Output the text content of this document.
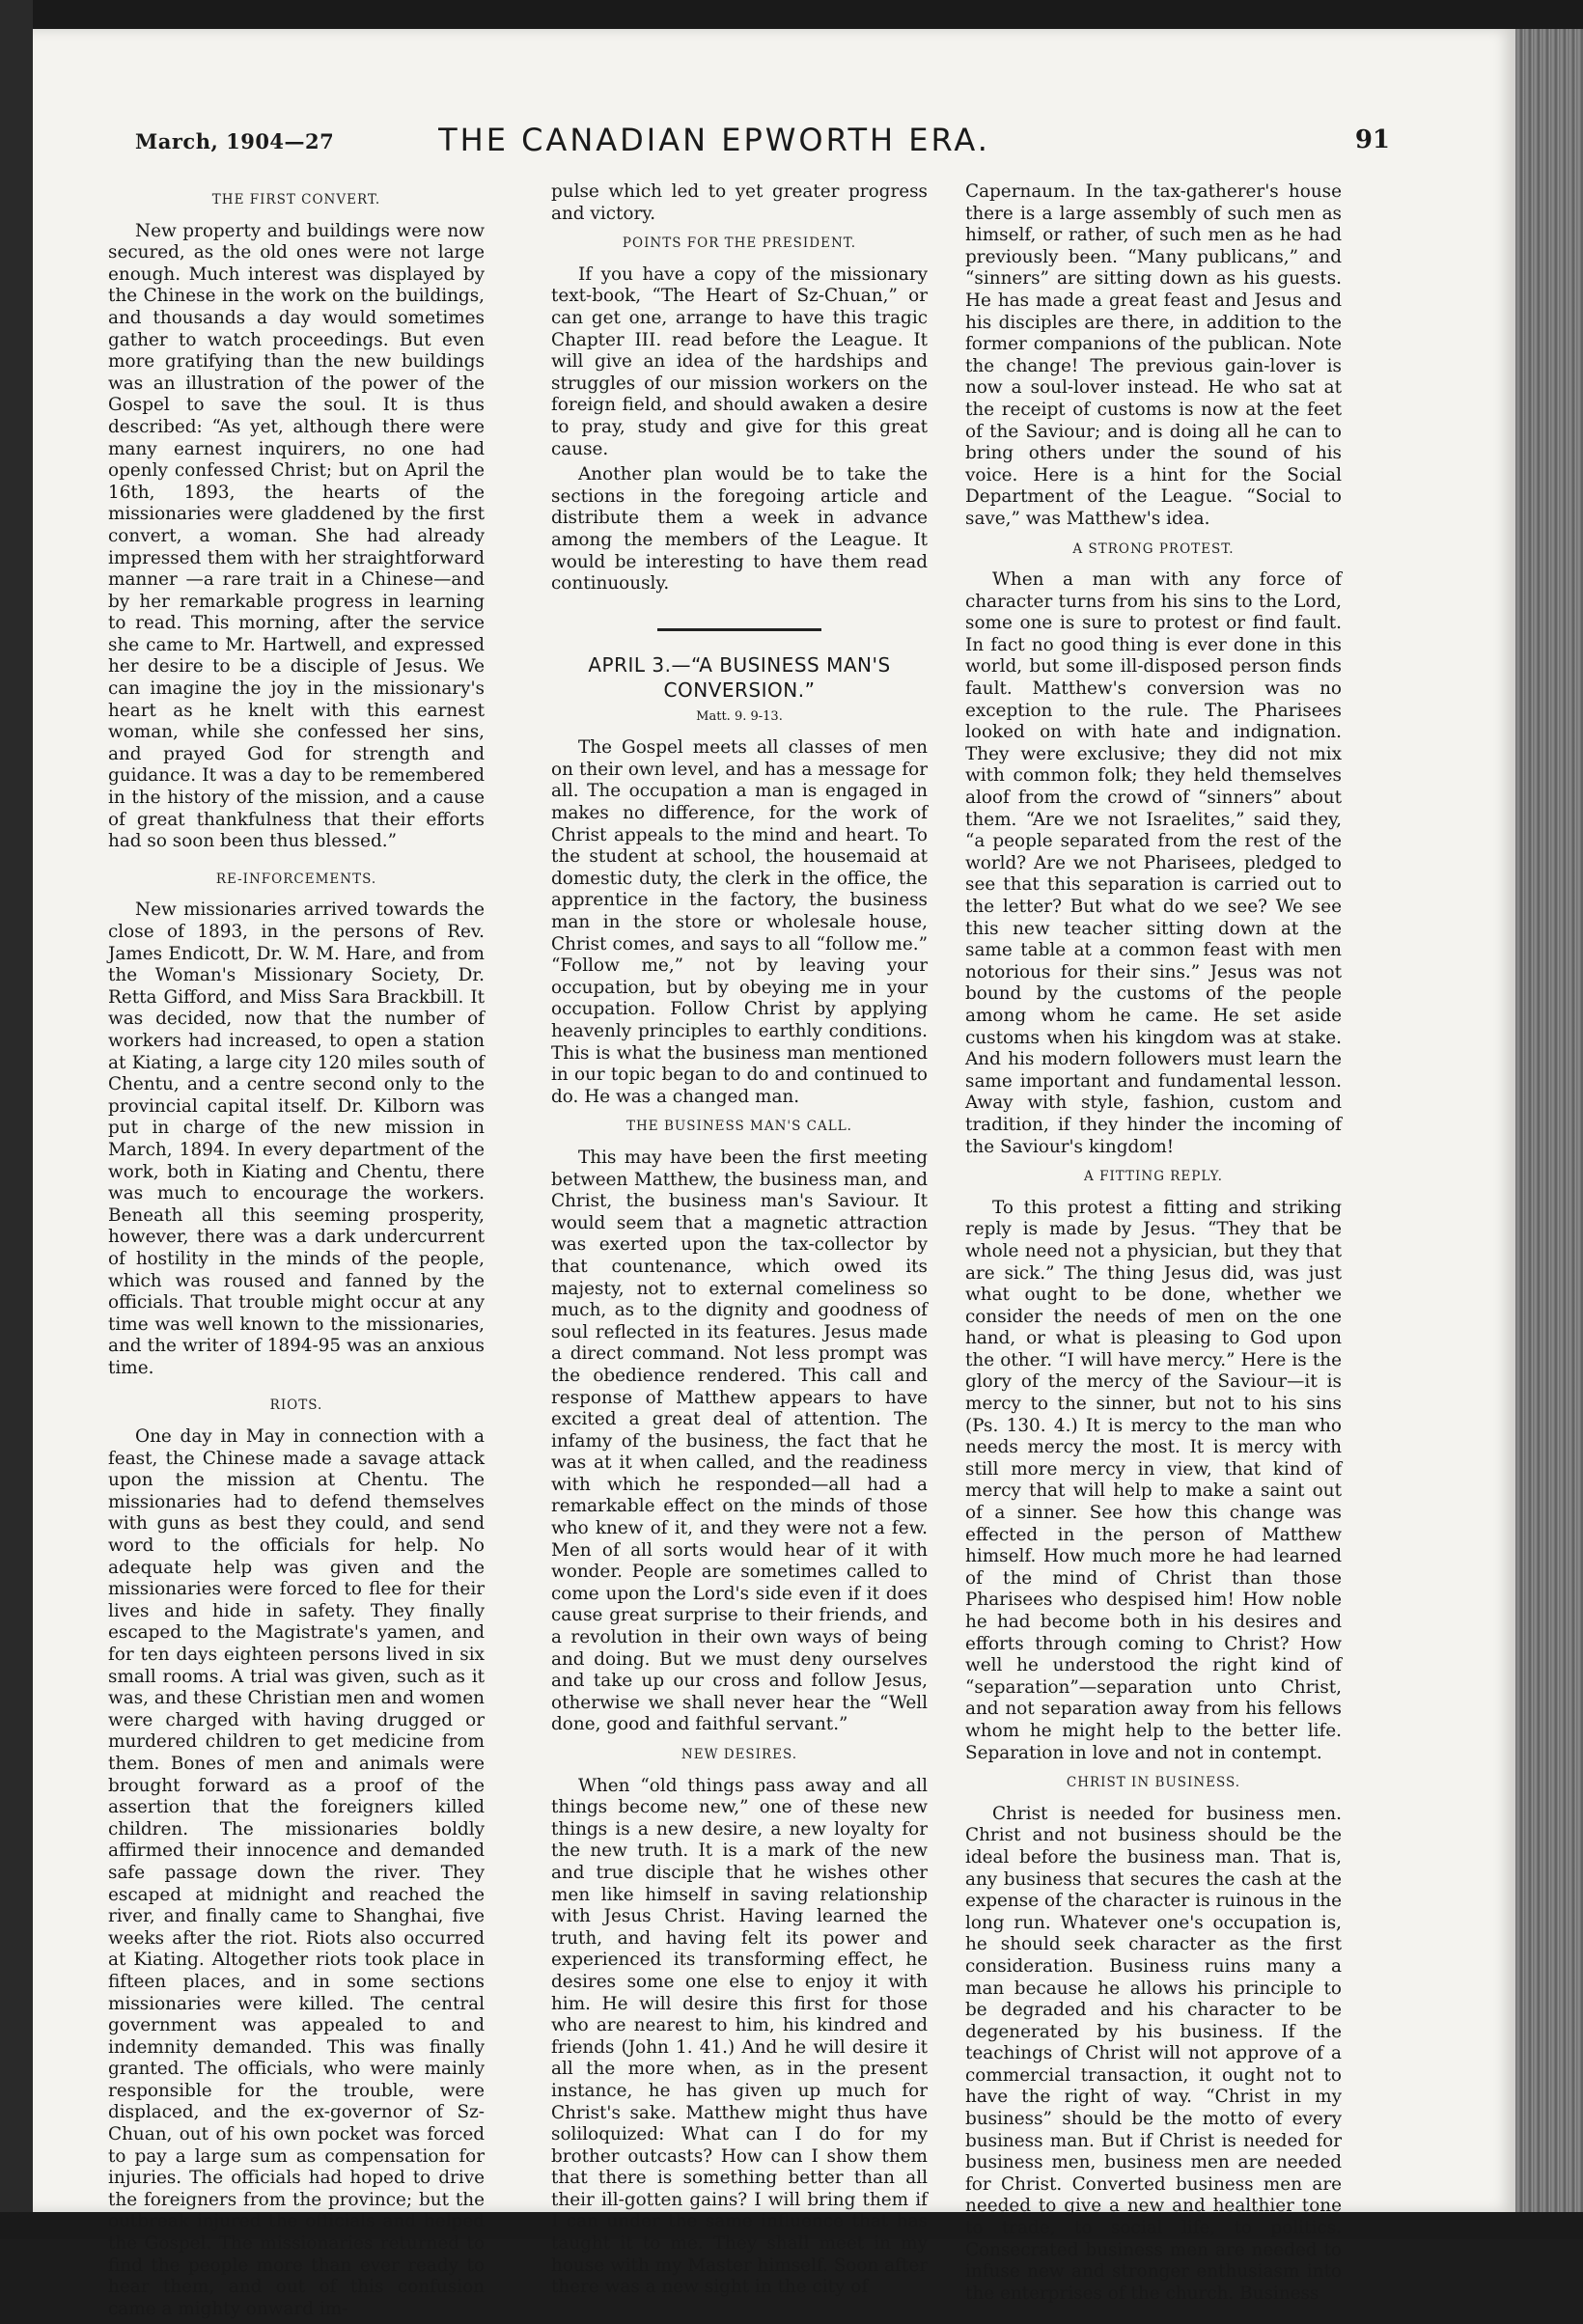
March, 1904—27	THE CANADIAN EPWORTH ERA.	91
THE FIRST CONVERT.

New property and buildings were now secured, as the old ones were not large enough. Much interest was displayed by the Chinese in the work on the buildings, and thousands a day would sometimes gather to watch proceedings. But even more gratifying than the new buildings was an illustration of the power of the Gospel to save the soul. It is thus described: “As yet, although there were many earnest inquirers, no one had openly confessed Christ; but on April the 16th, 1893, the hearts of the missionaries were gladdened by the first convert, a woman. She had already impressed them with her straightforward manner —a rare trait in a Chinese—and by her remarkable progress in learning to read. This morning, after the service she came to Mr. Hartwell, and expressed her desire to be a disciple of Jesus. We can imagine the joy in the missionary's heart as he knelt with this earnest woman, while she confessed her sins, and prayed God for strength and guidance. It was a day to be remembered in the history of the mission, and a cause of great thankfulness that their efforts had so soon been thus blessed.”

RE-INFORCEMENTS.

New missionaries arrived towards the close of 1893, in the persons of Rev. James Endicott, Dr. W. M. Hare, and from the Woman's Missionary Society, Dr. Retta Gifford, and Miss Sara Brackbill. It was decided, now that the number of workers had increased, to open a station at Kiating, a large city 120 miles south of Chentu, and a centre second only to the provincial capital itself. Dr. Kilborn was put in charge of the new mission in March, 1894. In every department of the work, both in Kiating and Chentu, there was much to encourage the workers. Beneath all this seeming prosperity, however, there was a dark undercurrent of hostility in the minds of the people, which was roused and fanned by the officials. That trouble might occur at any time was well known to the missionaries, and the writer of 1894-95 was an anxious time.

RIOTS.

One day in May in connection with a feast, the Chinese made a savage attack upon the mission at Chentu. The missionaries had to defend themselves with guns as best they could, and send word to the officials for help. No adequate help was given and the missionaries were forced to flee for their lives and hide in safety. They finally escaped to the Magistrate's yamen, and for ten days eighteen persons lived in six small rooms. A trial was given, such as it was, and these Christian men and women were charged with having drugged or murdered children to get medicine from them. Bones of men and animals were brought forward as a proof of the assertion that the foreigners killed children. The missionaries boldly affirmed their innocence and demanded safe passage down the river. They escaped at midnight and reached the river, and finally came to Shanghai, five weeks after the riot. Riots also occurred at Kiating. Altogether riots took place in fifteen places, and in some sections missionaries were killed. The central government was appealed to and indemnity demanded. This was finally granted. The officials, who were mainly responsible for the trouble, were displaced, and the ex-governor of Sz-Chuan, out of his own pocket was forced to pay a large sum as compensation for injuries. The officials had hoped to drive the foreigners from the province; but the outbreak injured the officials and helped the Gospel. The missionaries returned to find the people more than ever ready to hear them, and out of this confusion came a mighty onward im-

pulse which led to yet greater progress and victory.

POINTS FOR THE PRESIDENT.

If you have a copy of the missionary text-book, “The Heart of Sz-Chuan,” or can get one, arrange to have this tragic Chapter III. read before the League. It will give an idea of the hardships and struggles of our mission workers on the foreign field, and should awaken a desire to pray, study and give for this great cause.

Another plan would be to take the sections in the foregoing article and distribute them a week in advance among the members of the League. It would be interesting to have them read continuously.

APRIL 3.—“A BUSINESS MAN'S CONVERSION.”
Matt. 9. 9-13.

The Gospel meets all classes of men on their own level, and has a message for all. The occupation a man is engaged in makes no difference, for the work of Christ appeals to the mind and heart. To the student at school, the housemaid at domestic duty, the clerk in the office, the apprentice in the factory, the business man in the store or wholesale house, Christ comes, and says to all “follow me.” “Follow me,” not by leaving your occupation, but by obeying me in your occupation. Follow Christ by applying heavenly principles to earthly conditions. This is what the business man mentioned in our topic began to do and continued to do. He was a changed man.

THE BUSINESS MAN'S CALL.

This may have been the first meeting between Matthew, the business man, and Christ, the business man's Saviour. It would seem that a magnetic attraction was exerted upon the tax-collector by that countenance, which owed its majesty, not to external comeliness so much, as to the dignity and goodness of soul reflected in its features. Jesus made a direct command. Not less prompt was the obedience rendered. This call and response of Matthew appears to have excited a great deal of attention. The infamy of the business, the fact that he was at it when called, and the readiness with which he responded—all had a remarkable effect on the minds of those who knew of it, and they were not a few. Men of all sorts would hear of it with wonder. People are sometimes called to come upon the Lord's side even if it does cause great surprise to their friends, and a revolution in their own ways of being and doing. But we must deny ourselves and take up our cross and follow Jesus, otherwise we shall never hear the “Well done, good and faithful servant.”

NEW DESIRES.

When “old things pass away and all things become new,” one of these new things is a new desire, a new loyalty for the new truth. It is a mark of the new and true disciple that he wishes other men like himself in saving relationship with Jesus Christ. Having learned the truth, and having felt its power and experienced its transforming effect, he desires some one else to enjoy it with him. He will desire this first for those who are nearest to him, his kindred and friends (John 1. 41.) And he will desire it all the more when, as in the present instance, he has given up much for Christ's sake. Matthew might thus have soliloquized: What can I do for my brother outcasts? How can I show them that there is something better than all their ill-gotten gains? I will bring them if I can under the same influence that has taught it to me. They shall meet in my house with my Master himself. Soon after there was a new sight in the city of

Capernaum. In the tax-gatherer's house there is a large assembly of such men as himself, or rather, of such men as he had previously been. “Many publicans,” and “sinners” are sitting down as his guests. He has made a great feast and Jesus and his disciples are there, in addition to the former companions of the publican. Note the change! The previous gain-lover is now a soul-lover instead. He who sat at the receipt of customs is now at the feet of the Saviour; and is doing all he can to bring others under the sound of his voice. Here is a hint for the Social Department of the League. “Social to save,” was Matthew's idea.

A STRONG PROTEST.

When a man with any force of character turns from his sins to the Lord, some one is sure to protest or find fault. In fact no good thing is ever done in this world, but some ill-disposed person finds fault. Matthew's conversion was no exception to the rule. The Pharisees looked on with hate and indignation. They were exclusive; they did not mix with common folk; they held themselves aloof from the crowd of “sinners” about them. “Are we not Israelites,” said they, “a people separated from the rest of the world? Are we not Pharisees, pledged to see that this separation is carried out to the letter? But what do we see? We see this new teacher sitting down at the same table at a common feast with men notorious for their sins.” Jesus was not bound by the customs of the people among whom he came. He set aside customs when his kingdom was at stake. And his modern followers must learn the same important and fundamental lesson. Away with style, fashion, custom and tradition, if they hinder the incoming of the Saviour's kingdom!

A FITTING REPLY.

To this protest a fitting and striking reply is made by Jesus. “They that be whole need not a physician, but they that are sick.” The thing Jesus did, was just what ought to be done, whether we consider the needs of men on the one hand, or what is pleasing to God upon the other. “I will have mercy.” Here is the glory of the mercy of the Saviour—it is mercy to the sinner, but not to his sins (Ps. 130. 4.) It is mercy to the man who needs mercy the most. It is mercy with still more mercy in view, that kind of mercy that will help to make a saint out of a sinner. See how this change was effected in the person of Matthew himself. How much more he had learned of the mind of Christ than those Pharisees who despised him! How noble he had become both in his desires and efforts through coming to Christ? How well he understood the right kind of “separation”—separation unto Christ, and not separation away from his fellows whom he might help to the better life. Separation in love and not in contempt.

CHRIST IN BUSINESS.

Christ is needed for business men. Christ and not business should be the ideal before the business man. That is, any business that secures the cash at the expense of the character is ruinous in the long run. Whatever one's occupation is, he should seek character as the first consideration. Business ruins many a man because he allows his principle to be degraded and his character to be degenerated by his business. If the teachings of Christ will not approve of a commercial transaction, it ought not to have the right of way. “Christ in my business” should be the motto of every business man. But if Christ is needed for business men, business men are needed for Christ. Converted business men are needed to give a new and healthier tone to trade, to social life, to politics. Consecrated business men are needed to infuse new and stronger enthusiasm into the enterprises of the church. Business
